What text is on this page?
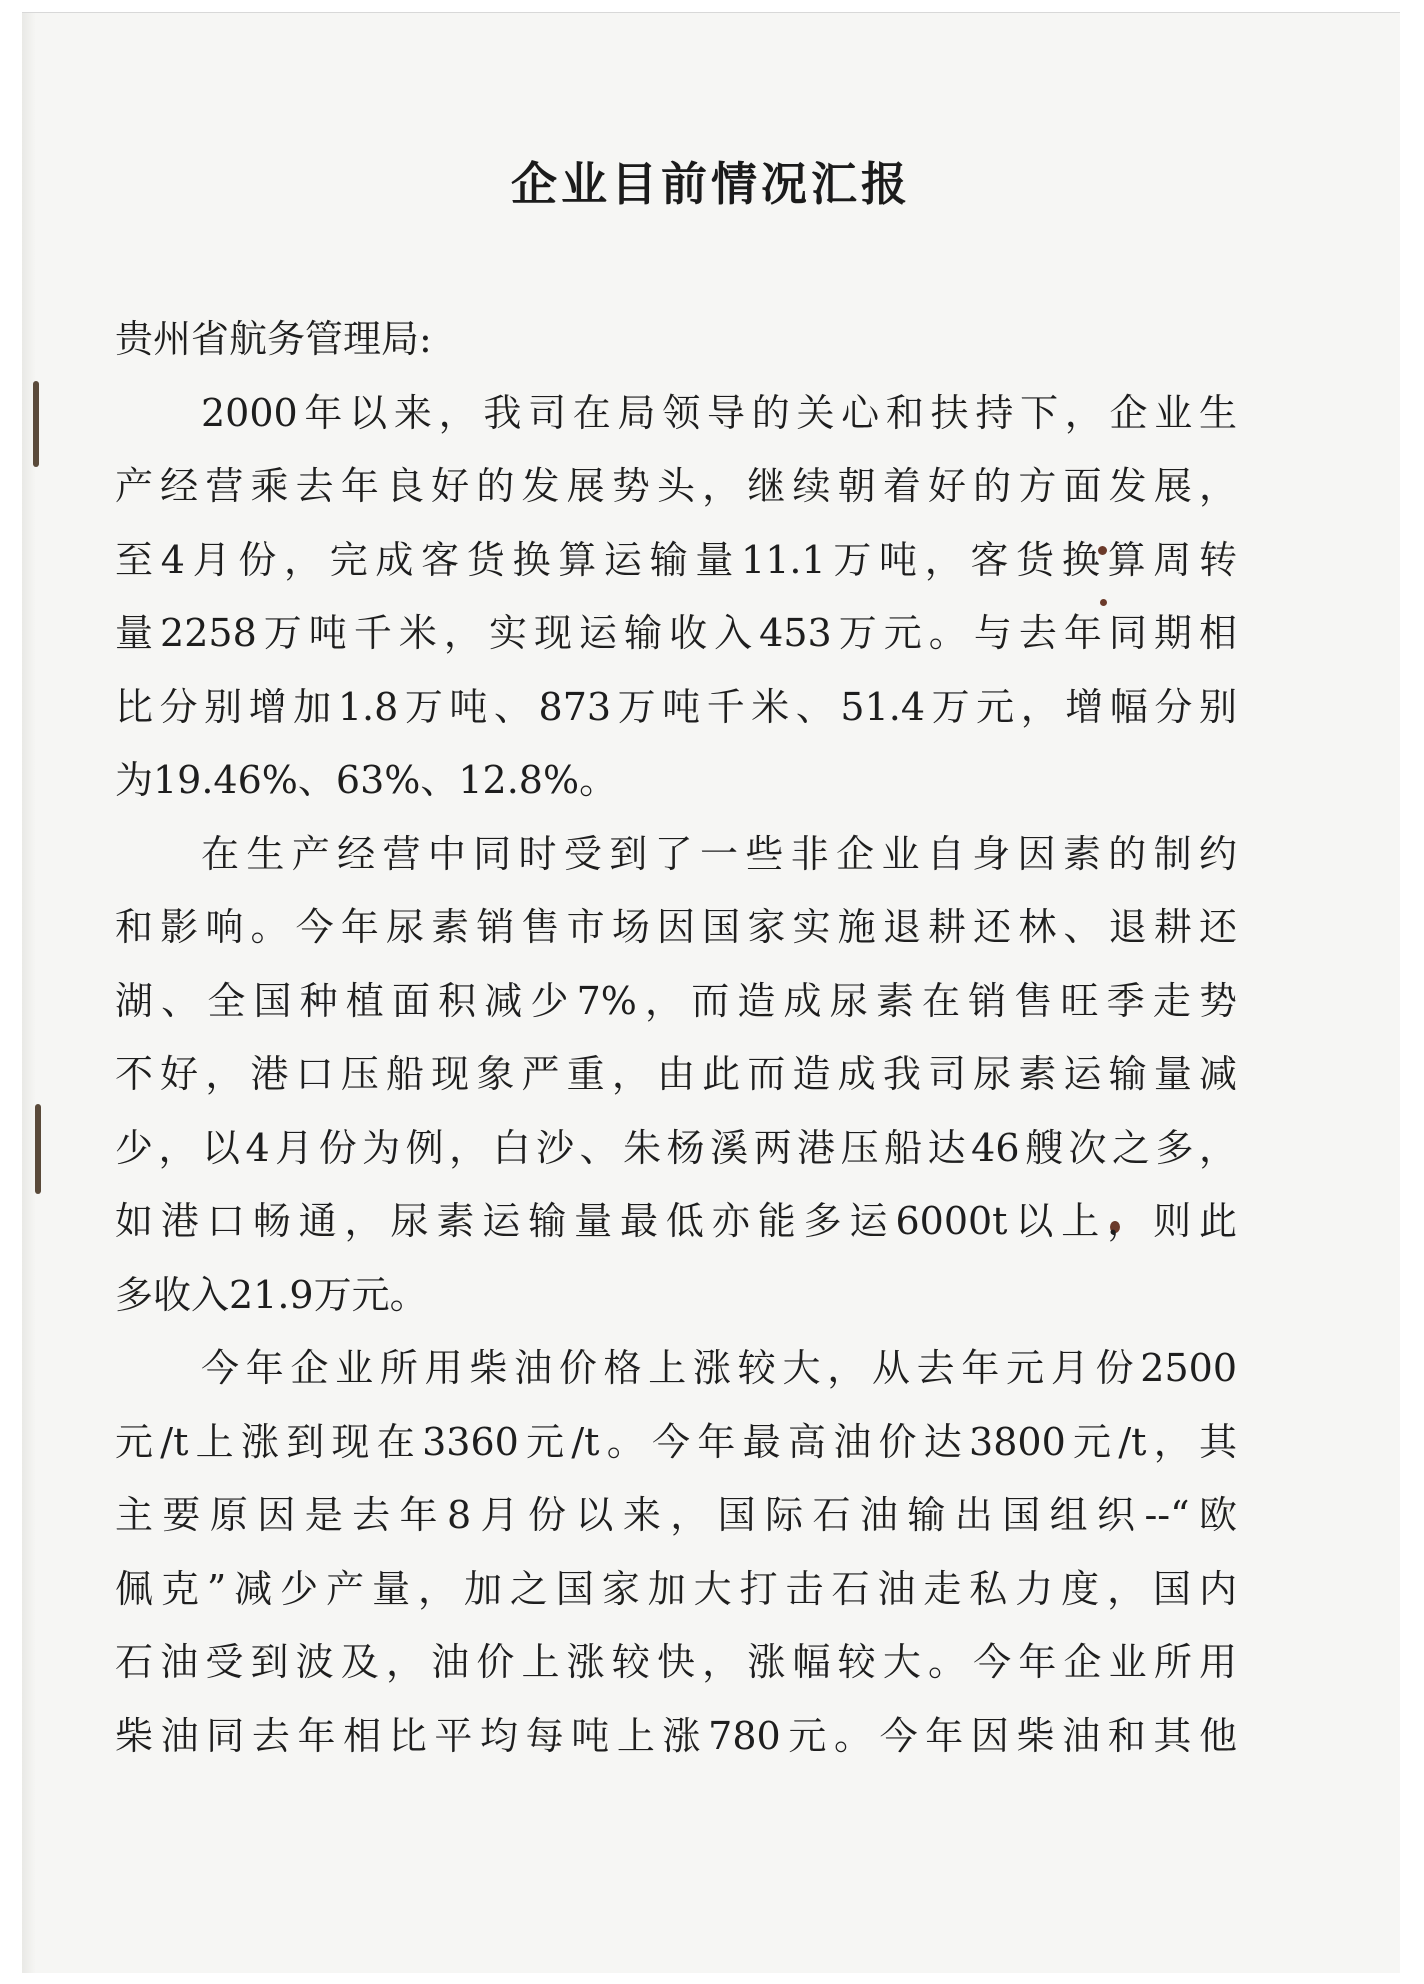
企业目前情况汇报
贵州省航务管理局:
2000年以来，我司在局领导的关心和扶持下，企业生
产经营乘去年良好的发展势头，继续朝着好的方面发展，
至4月份，完成客货换算运输量11.1万吨，客货换算周转
量2258万吨千米，实现运输收入453万元。与去年同期相
比分别增加1.8万吨、873万吨千米、51.4万元，增幅分别
为19.46%、63%、12.8%。
在生产经营中同时受到了一些非企业自身因素的制约
和影响。今年尿素销售市场因国家实施退耕还林、退耕还
湖、全国种植面积减少7%，而造成尿素在销售旺季走势
不好，港口压船现象严重，由此而造成我司尿素运输量减
少，以4月份为例，白沙、朱杨溪两港压船达46艘次之多，
如港口畅通，尿素运输量最低亦能多运6000t以上，则此
多收入21.9万元。
今年企业所用柴油价格上涨较大，从去年元月份2500
元/t上涨到现在3360元/t。今年最高油价达3800元/t，其
主要原因是去年8月份以来，国际石油输出国组织--“欧
佩克”减少产量，加之国家加大打击石油走私力度，国内
石油受到波及，油价上涨较快，涨幅较大。今年企业所用
柴油同去年相比平均每吨上涨780元。今年因柴油和其他
